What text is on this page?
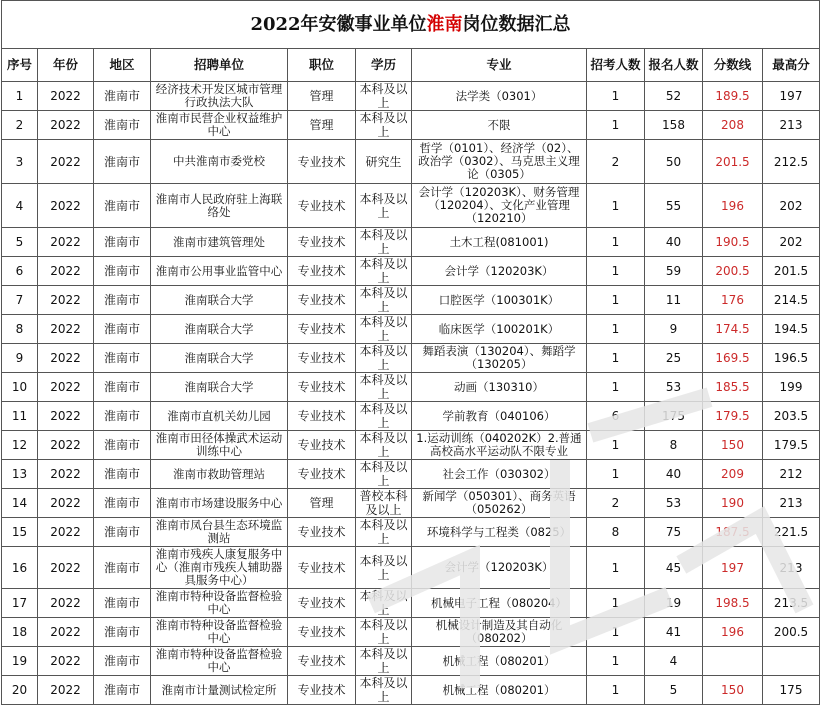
2022年安徽事业单位淮南岗位数据汇总
序号	年份	地区	招聘单位	职位	学历	专业	招考人数	报名人数	分数线	最高分
1	2022	淮南市	经济技术开发区城市管理行政执法大队	管理	本科及以上	法学类（0301）	1	52	189.5	197
2	2022	淮南市	淮南市民营企业权益维护中心	管理	本科及以上	不限	1	158	208	213
3	2022	淮南市	中共淮南市委党校	专业技术	研究生	哲学（0101）、经济学（02）、政治学（0302）、马克思主义理论（0305）	2	50	201.5	212.5
4	2022	淮南市	淮南市人民政府驻上海联络处	专业技术	本科及以上	会计学（120203K）、财务管理（120204）、文化产业管理（120210）	1	55	196	202
5	2022	淮南市	淮南市建筑管理处	专业技术	本科及以上	土木工程(081001)	1	40	190.5	202
6	2022	淮南市	淮南市公用事业监管中心	专业技术	本科及以上	会计学（120203K）	1	59	200.5	201.5
7	2022	淮南市	淮南联合大学	专业技术	本科及以上	口腔医学（100301K）	1	11	176	214.5
8	2022	淮南市	淮南联合大学	专业技术	本科及以上	临床医学（100201K）	1	9	174.5	194.5
9	2022	淮南市	淮南联合大学	专业技术	本科及以上	舞蹈表演（130204）、舞蹈学（130205）	1	25	169.5	196.5
10	2022	淮南市	淮南联合大学	专业技术	本科及以上	动画（130310）	1	53	185.5	199
11	2022	淮南市	淮南市直机关幼儿园	专业技术	本科及以上	学前教育（040106）	6	175	179.5	203.5
12	2022	淮南市	淮南市田径体操武术运动训练中心	专业技术	本科及以上	1.运动训练（040202K）2.普通高校高水平运动队不限专业	1	8	150	179.5
13	2022	淮南市	淮南市救助管理站	专业技术	本科及以上	社会工作（030302）	1	40	209	212
14	2022	淮南市	淮南市市场建设服务中心	管理	普校本科及以上	新闻学（050301）、商务英语（050262）	2	53	190	213
15	2022	淮南市	淮南市凤台县生态环境监测站	专业技术	本科及以上	环境科学与工程类（0825）	8	75	187.5	221.5
16	2022	淮南市	淮南市残疾人康复服务中心（淮南市残疾人辅助器具服务中心）	专业技术	本科及以上	会计学（120203K）	1	45	197	213
17	2022	淮南市	淮南市特种设备监督检验中心	专业技术	本科及以上	机械电子工程（080204）	1	19	198.5	213.5
18	2022	淮南市	淮南市特种设备监督检验中心	专业技术	本科及以上	机械设计制造及其自动化（080202）	1	41	196	200.5
19	2022	淮南市	淮南市特种设备监督检验中心	专业技术	本科及以上	机械工程（080201）	1	4		
20	2022	淮南市	淮南市计量测试检定所	专业技术	本科及以上	机械工程（080201）	1	5	150	175
